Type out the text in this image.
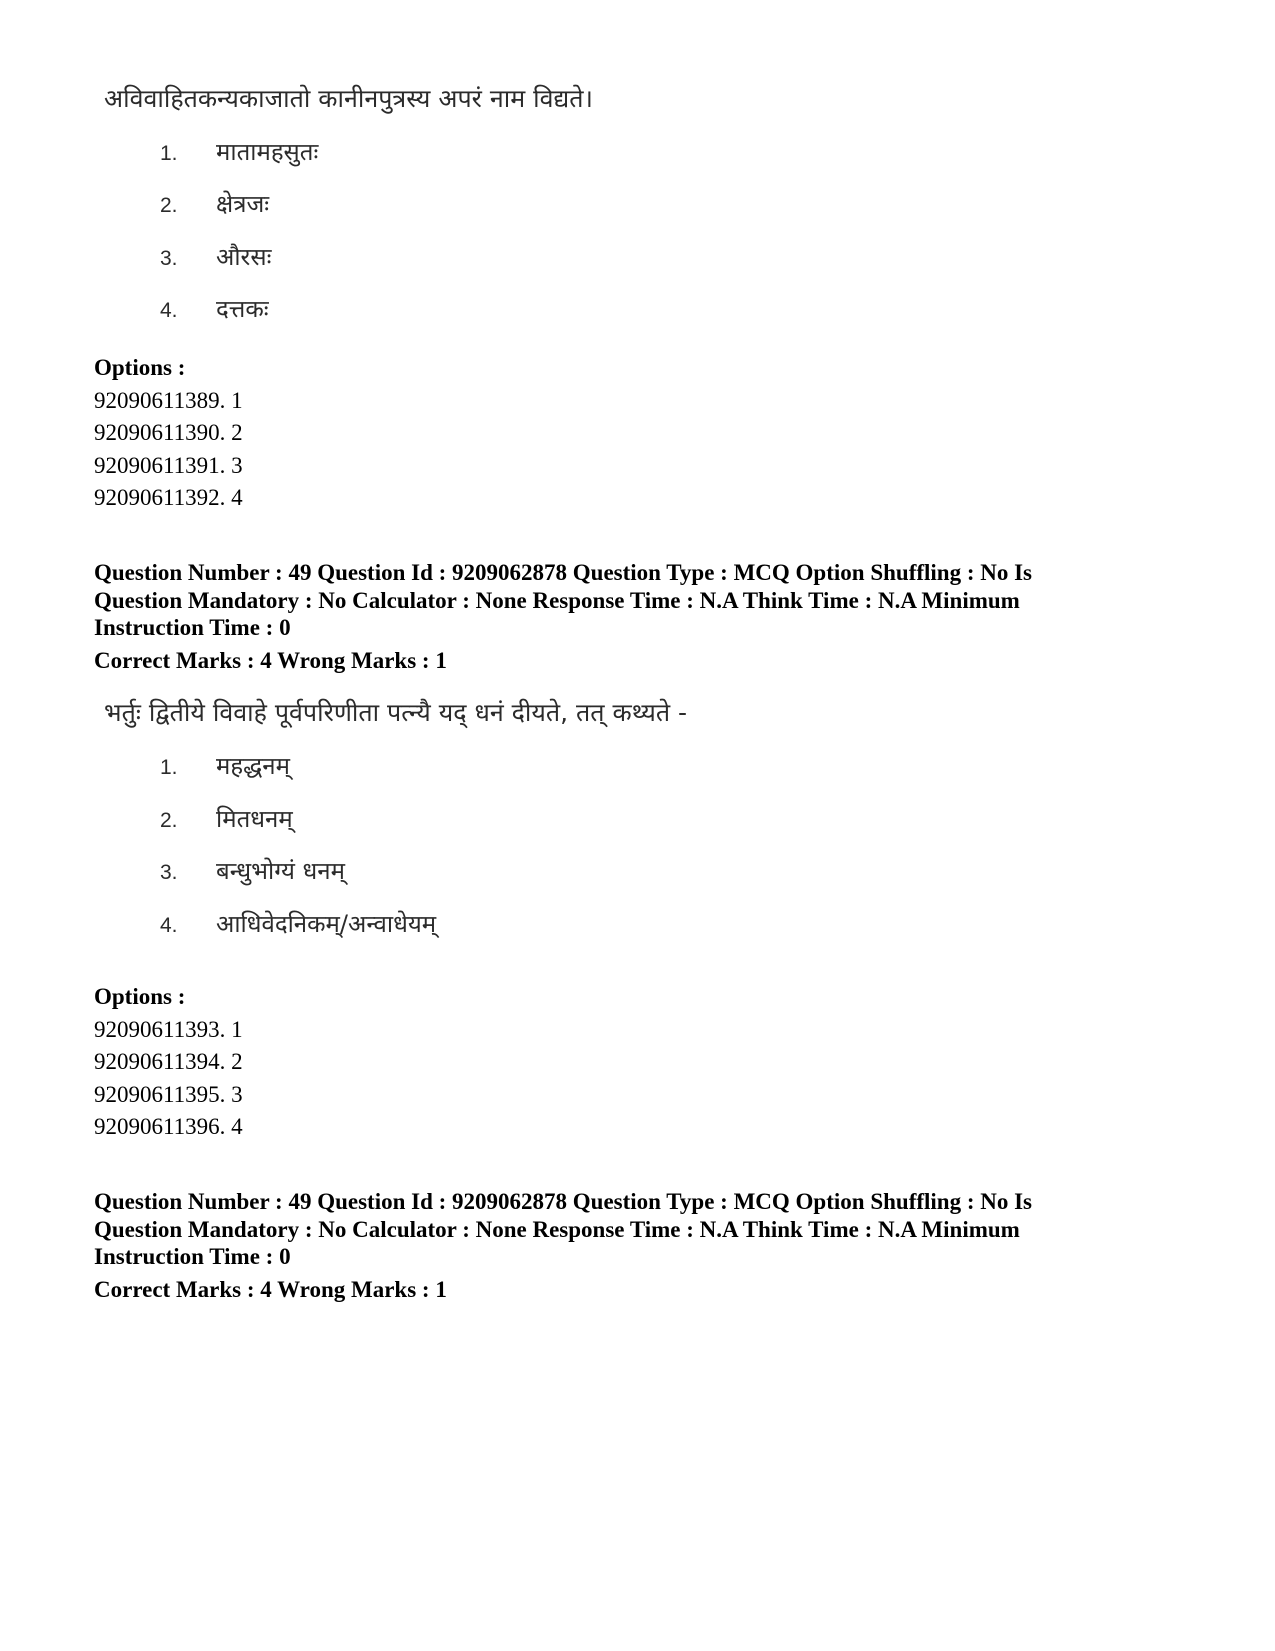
अविवाहितकन्यकाजातो कानीनपुत्रस्य अपरं नाम विद्यते।
1. मातामहसुतः
2. क्षेत्रजः
3. औरसः
4. दत्तकः
Options :
92090611389. 1
92090611390. 2
92090611391. 3
92090611392. 4
Question Number : 49 Question Id : 9209062878 Question Type : MCQ Option Shuffling : No Is Question Mandatory : No Calculator : None Response Time : N.A Think Time : N.A Minimum Instruction Time : 0
Correct Marks : 4 Wrong Marks : 1
भर्तुः द्वितीये विवाहे पूर्वपरिणीता पत्न्यै यद् धनं दीयते, तत् कथ्यते -
1. महद्धनम्
2. मितधनम्
3. बन्धुभोग्यं धनम्
4. आधिवेदनिकम्/अन्वाधेयम्
Options :
92090611393. 1
92090611394. 2
92090611395. 3
92090611396. 4
Question Number : 49 Question Id : 9209062878 Question Type : MCQ Option Shuffling : No Is Question Mandatory : No Calculator : None Response Time : N.A Think Time : N.A Minimum Instruction Time : 0
Correct Marks : 4 Wrong Marks : 1
